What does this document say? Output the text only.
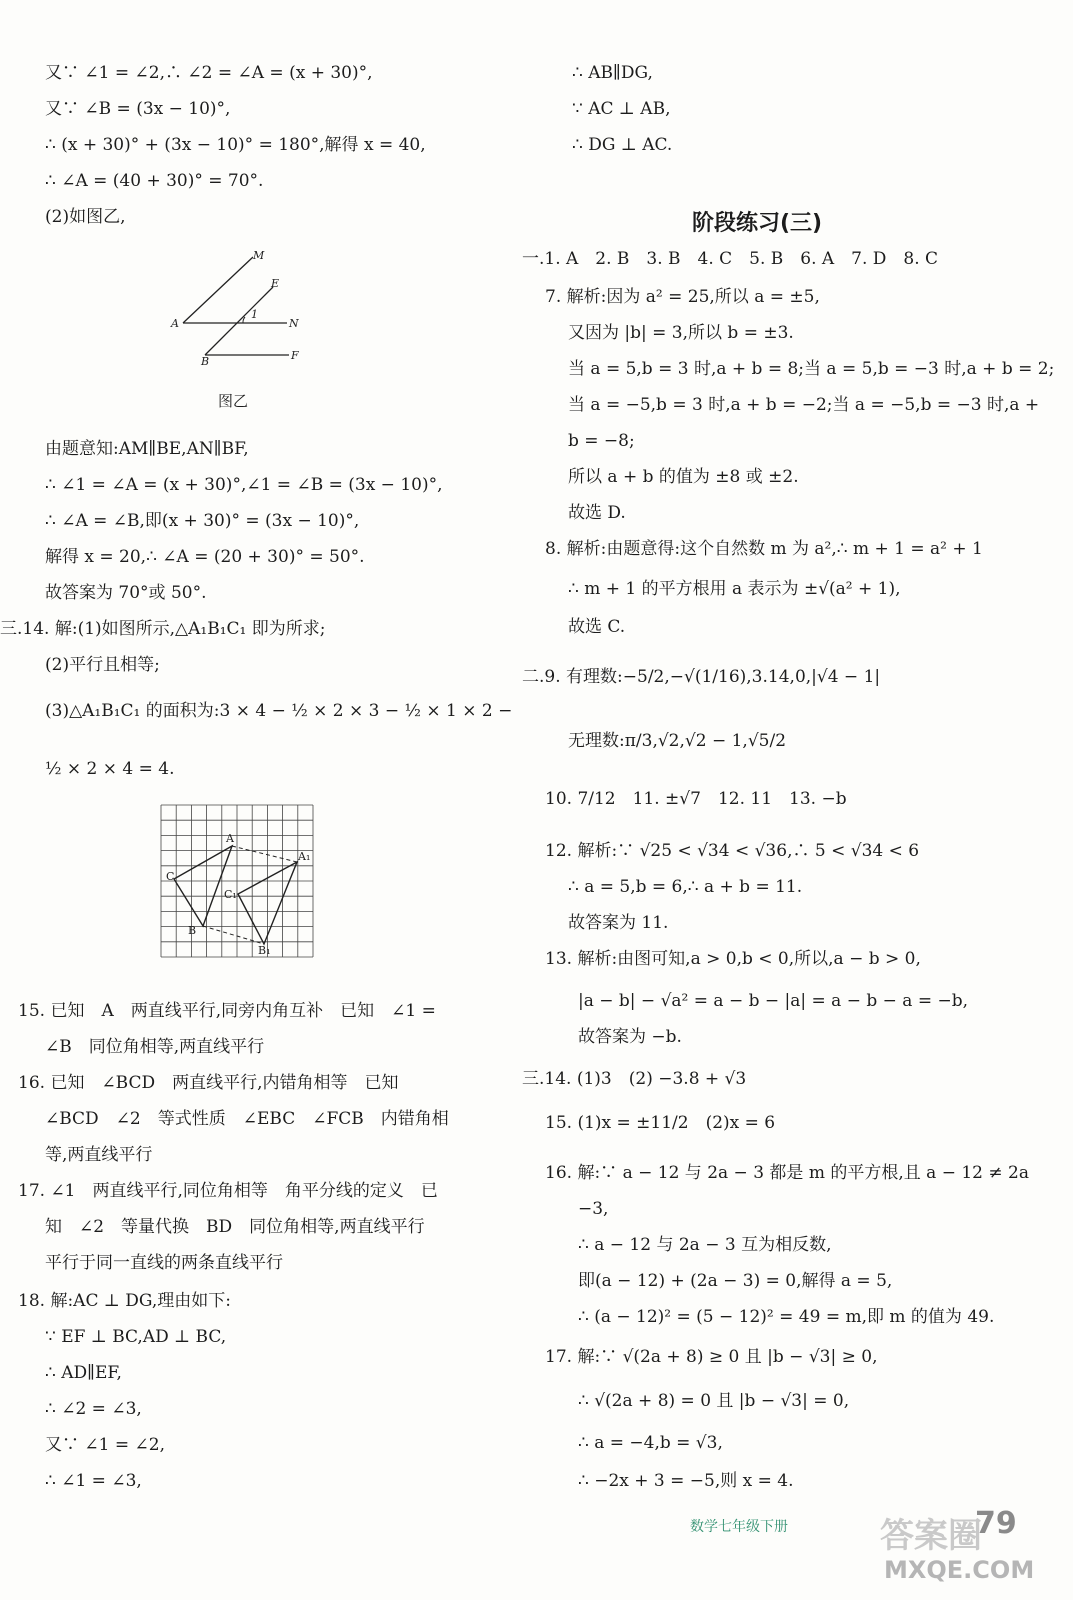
又∵ ∠1 = ∠2,∴ ∠2 = ∠A = (x + 30)°,
又∵ ∠B = (3x − 10)°,
∴ (x + 30)° + (3x − 10)° = 180°,解得 x = 40,
∴ ∠A = (40 + 30)° = 70°.
(2)如图乙,
M
E
A
1
N
B	F
图乙
由题意知:AM∥BE,AN∥BF,
∴ ∠1 = ∠A = (x + 30)°,∠1 = ∠B = (3x − 10)°,
∴ ∠A = ∠B,即(x + 30)° = (3x − 10)°,
解得 x = 20,∴ ∠A = (20 + 30)° = 50°.
故答案为 70°或 50°.
三.14. 解:(1)如图所示,△A₁B₁C₁ 即为所求;
(2)平行且相等;
(3)△A₁B₁C₁ 的面积为:3 × 4 − ½ × 2 × 3 − ½ × 1 × 2 −
½ × 2 × 4 = 4.
A
A₁
C
C₁
B
B₁
15. 已知　A　两直线平行,同旁内角互补　已知　∠1 =
∠B　同位角相等,两直线平行
16. 已知　∠BCD　两直线平行,内错角相等　已知
∠BCD　∠2　等式性质　∠EBC　∠FCB　内错角相
等,两直线平行
17. ∠1　两直线平行,同位角相等　角平分线的定义　已
知　∠2　等量代换　BD　同位角相等,两直线平行
平行于同一直线的两条直线平行
18. 解:AC ⊥ DG,理由如下:
∵ EF ⊥ BC,AD ⊥ BC,
∴ AD∥EF,
∴ ∠2 = ∠3,
又∵ ∠1 = ∠2,
∴ ∠1 = ∠3,
∴ AB∥DG,
∵ AC ⊥ AB,
∴ DG ⊥ AC.
阶段练习(三)
一.1. A　2. B　3. B　4. C　5. B　6. A　7. D　8. C
7. 解析:因为 a² = 25,所以 a = ±5,
又因为 |b| = 3,所以 b = ±3.
当 a = 5,b = 3 时,a + b = 8;当 a = 5,b = −3 时,a + b = 2;
当 a = −5,b = 3 时,a + b = −2;当 a = −5,b = −3 时,a +
b = −8;
所以 a + b 的值为 ±8 或 ±2.
故选 D.
8. 解析:由题意得:这个自然数 m 为 a²,∴ m + 1 = a² + 1
∴ m + 1 的平方根用 a 表示为 ±√(a² + 1),
故选 C.
二.9. 有理数:−5/2,−√(1/16),3.14,0,|√4 − 1|
无理数:π/3,√2,√2 − 1,√5/2
10. 7/12　11. ±√7　12. 11　13. −b
12. 解析:∵ √25 < √34 < √36,∴ 5 < √34 < 6
∴ a = 5,b = 6,∴ a + b = 11.
故答案为 11.
13. 解析:由图可知,a > 0,b < 0,所以,a − b > 0,
|a − b| − √a² = a − b − |a| = a − b − a = −b,
故答案为 −b.
三.14. (1)3　(2) −3.8 + √3
15. (1)x = ±11/2　(2)x = 6
16. 解:∵ a − 12 与 2a − 3 都是 m 的平方根,且 a − 12 ≠ 2a
−3,
∴ a − 12 与 2a − 3 互为相反数,
即(a − 12) + (2a − 3) = 0,解得 a = 5,
∴ (a − 12)² = (5 − 12)² = 49 = m,即 m 的值为 49.
17. 解:∵ √(2a + 8) ≥ 0 且 |b − √3| ≥ 0,
∴ √(2a + 8) = 0 且 |b − √3| = 0,
∴ a = −4,b = √3,
∴ −2x + 3 = −5,则 x = 4.
数学七年级下册	79
答案圈
MXQE.COM
